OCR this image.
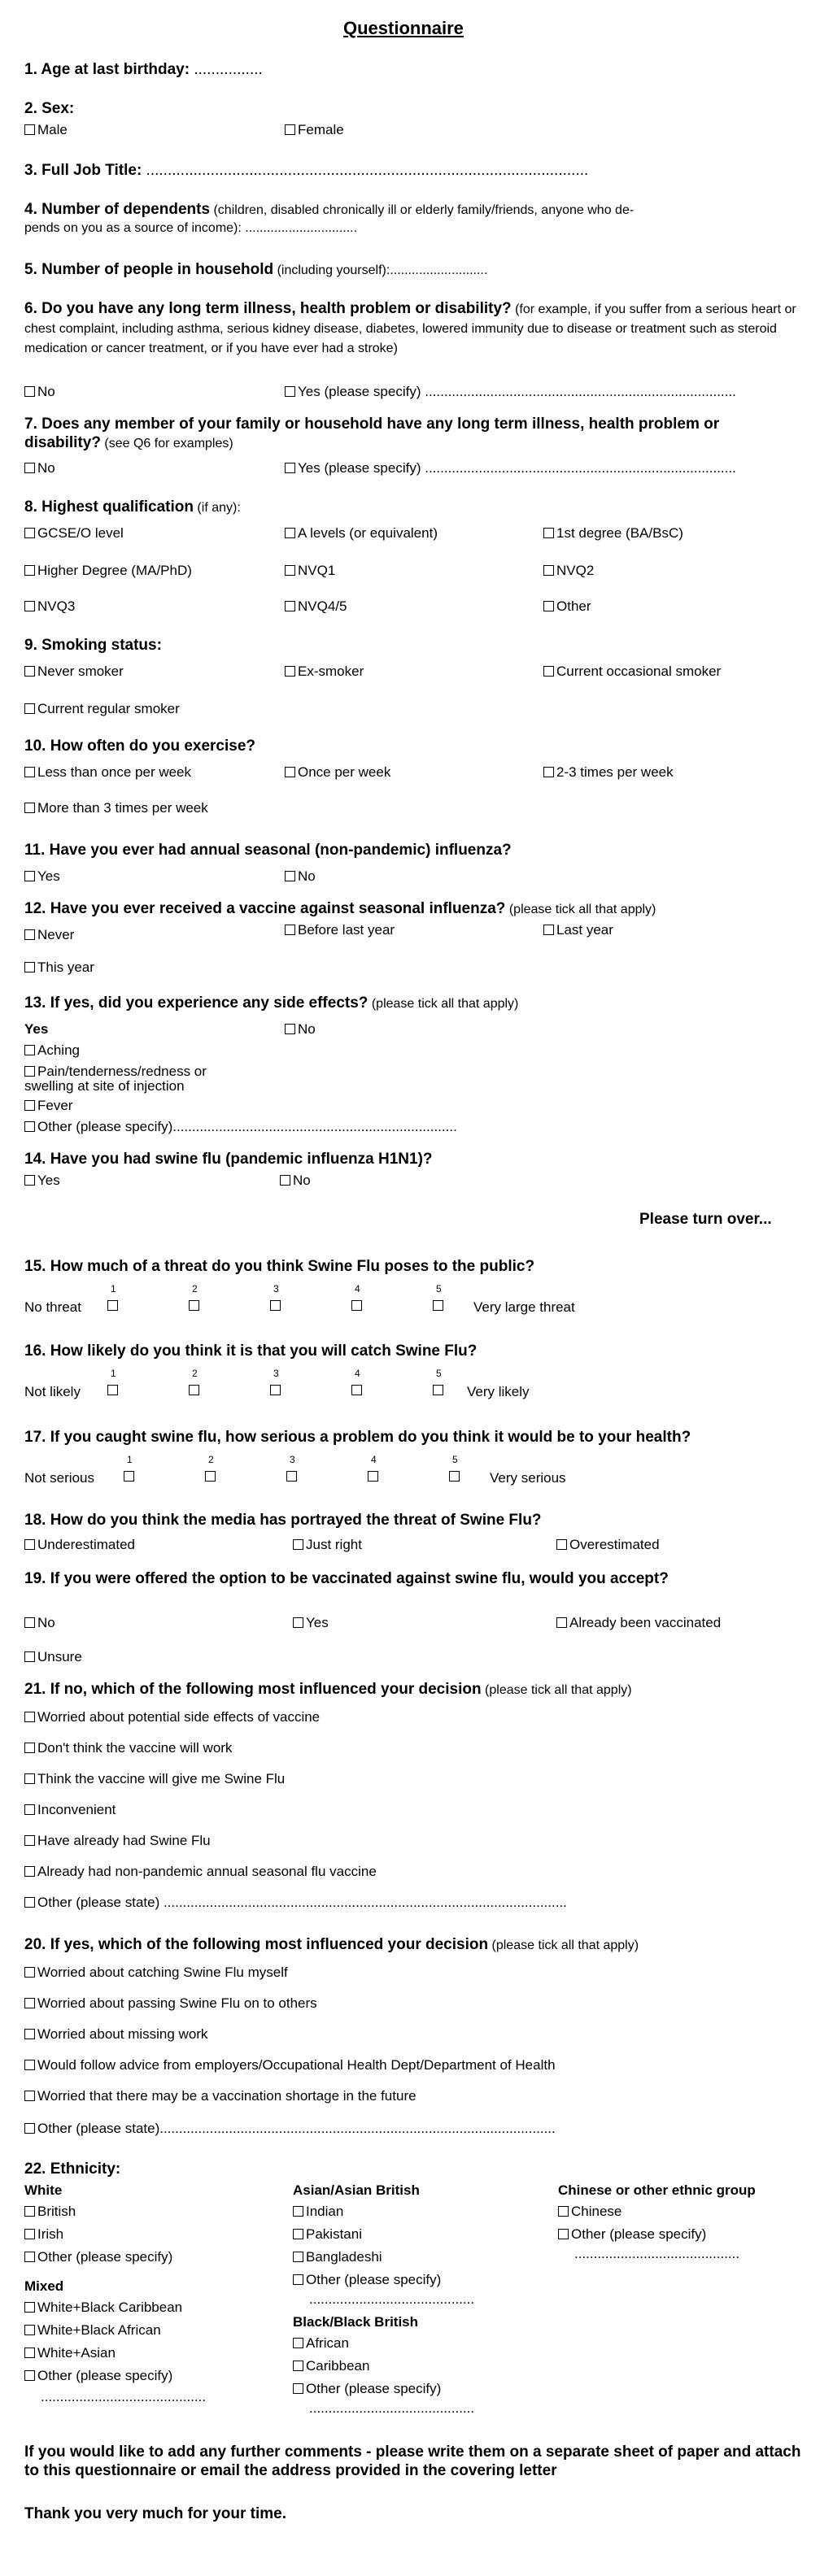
Questionnaire
1. Age at last birthday: ................
2. Sex:
Male	Female
3. Full Job Title: .......................................................................................................
4. Number of dependents (children, disabled chronically ill or elderly family/friends, anyone who de-
pends on you as a source of income): ...............................
5. Number of people in household (including yourself):...........................
6. Do you have any long term illness, health problem or disability? (for example, if you suffer from a serious heart or chest complaint, including asthma, serious kidney disease, diabetes, lowered immunity due to disease or treatment such as steroid medication or cancer treatment, or if you have ever had a stroke)
No	Yes (please specify) .................................................................................
7. Does any member of your family or household have any long term illness, health problem or disability? (see Q6 for examples)
No	Yes (please specify) .................................................................................
8. Highest qualification (if any):
GCSE/O level	A levels (or equivalent)	1st degree (BA/BsC)
Higher Degree (MA/PhD)	NVQ1	NVQ2
NVQ3	NVQ4/5	Other
9. Smoking status:
Never smoker	Ex-smoker	Current occasional smoker
Current regular smoker
10. How often do you exercise?
Less than once per week	Once per week	2-3 times per week
More than 3 times per week
11. Have you ever had annual seasonal (non-pandemic) influenza?
Yes	No
12. Have you ever received a vaccine against seasonal influenza? (please tick all that apply)
Never	Before last year	Last year
This year
13. If yes, did you experience any side effects? (please tick all that apply)
Yes	No
Aching
Pain/tenderness/redness or
swelling at site of injection
Fever
Other (please specify)..........................................................................
14. Have you had swine flu (pandemic influenza H1N1)?
Yes	No
Please turn over...
15. How much of a threat do you think Swine Flu poses to the public?
1	2	3	4	5
No threat	Very large threat
16. How likely do you think it is that you will catch Swine Flu?
1	2	3	4	5
Not likely	Very likely
17. If you caught swine flu, how serious a problem do you think it would be to your health?
1	2	3	4	5
Not serious	Very serious
18. How do you think the media has portrayed the threat of Swine Flu?
Underestimated	Just right	Overestimated
19. If you were offered the option to be vaccinated against swine flu, would you accept?
No	Yes	Already been vaccinated
Unsure
21. If no, which of the following most influenced your decision (please tick all that apply)
Worried about potential side effects of vaccine
Don't think the vaccine will work
Think the vaccine will give me Swine Flu
Inconvenient
Have already had Swine Flu
Already had non-pandemic annual seasonal flu vaccine
Other (please state) .........................................................................................................
20. If yes, which of the following most influenced your decision (please tick all that apply)
Worried about catching Swine Flu myself
Worried about passing Swine Flu on to others
Worried about missing work
Would follow advice from employers/Occupational Health Dept/Department of Health
Worried that there may be a vaccination shortage in the future
Other (please state).......................................................................................................
22. Ethnicity:
White
British
Irish
Other (please specify)
Mixed
White+Black Caribbean
White+Black African
White+Asian
Other (please specify)
...........................................
Asian/Asian British
Indian
Pakistani
Bangladeshi
Other (please specify)
...........................................
Black/Black British
African
Caribbean
Other (please specify)
...........................................
Chinese or other ethnic group
Chinese
Other (please specify)
...........................................
If you would like to add any further comments - please write them on a separate sheet of paper and attach to this questionnaire or email the address provided in the covering letter
Thank you very much for your time.
